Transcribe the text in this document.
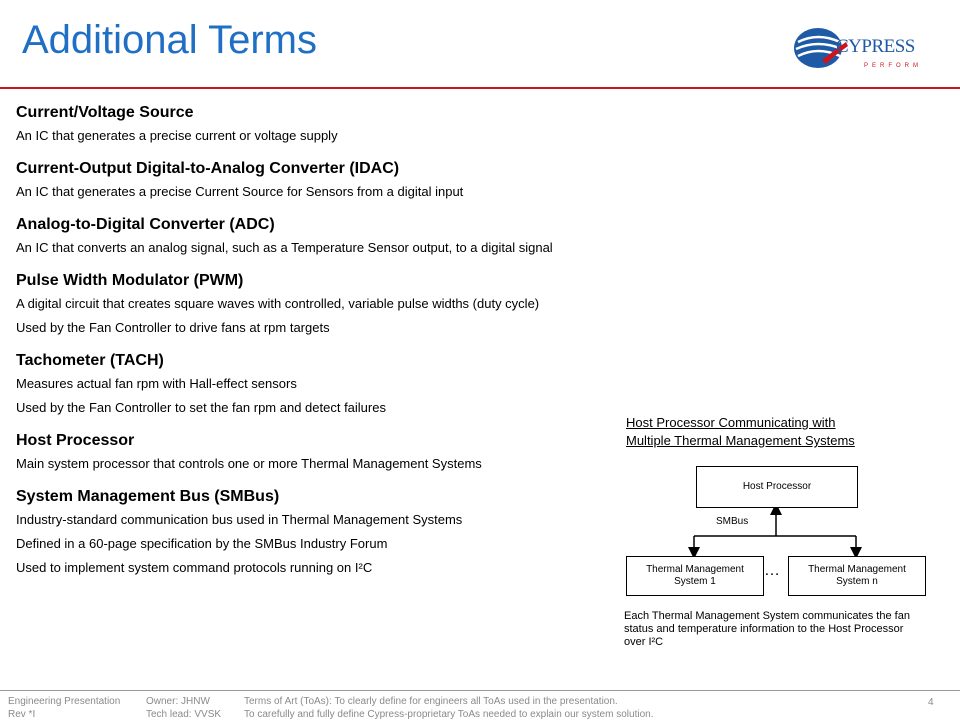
Additional Terms	CYPRESS
PERFORM

Current/Voltage Source

An IC that generates a precise current or voltage supply

Current-Output Digital-to-Analog Converter (IDAC)

An IC that generates a precise Current Source for Sensors from a digital input

Analog-to-Digital Converter (ADC)

An IC that converts an analog signal, such as a Temperature Sensor output, to a digital signal

Pulse Width Modulator (PWM)

A digital circuit that creates square waves with controlled, variable pulse widths (duty cycle)

Used by the Fan Controller to drive fans at rpm targets

Tachometer (TACH)

Measures actual fan rpm with Hall-effect sensors

Used by the Fan Controller to set the fan rpm and detect failures

Host Processor

Main system processor that controls one or more Thermal Management Systems

System Management Bus (SMBus)

Industry-standard communication bus used in Thermal Management Systems

Defined in a 60-page specification by the SMBus Industry Forum

Used to implement system command protocols running on I²C

Host Processor Communicating with
Multiple Thermal Management Systems
Host Processor
SMBus
Thermal Management
System 1
…	Thermal Management
System n
Each Thermal Management System communicates the fan status and temperature information to the Host Processor over I²C
Engineering Presentation
Rev *I
Owner: JHNW
Tech lead: VVSK
Terms of Art (ToAs): To clearly define for engineers all ToAs used in the presentation.
To carefully and fully define Cypress-proprietary ToAs needed to explain our system solution.
4
